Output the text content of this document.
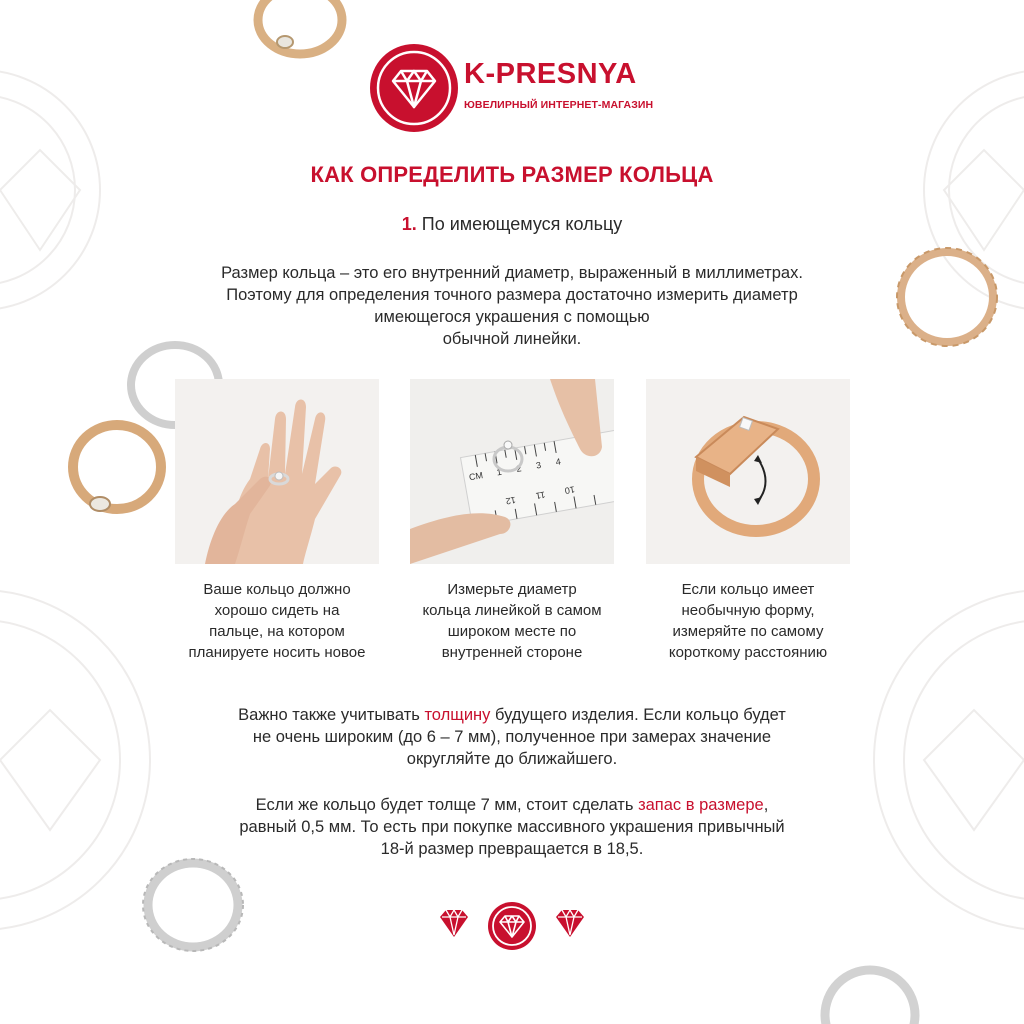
K-PRESNYA
ЮВЕЛИРНЫЙ ИНТЕРНЕТ-МАГАЗИН
КАК ОПРЕДЕЛИТЬ РАЗМЕР КОЛЬЦА
1. По имеющемуся кольцу
Размер кольца – это его внутренний диаметр, выраженный в миллиметрах.
Поэтому для определения точного размера достаточно измерить диаметр
имеющегося украшения с помощью
обычной линейки.
Ваше кольцо должно
хорошо сидеть на
пальце, на котором
планируете носить новое
CM 1 2 3 4
10
11
12
Измерьте диаметр
кольца линейкой в самом
широком месте по
внутренней стороне
Если кольцо имеет
необычную форму,
измеряйте по самому
короткому расстоянию
Важно также учитывать толщину будущего изделия. Если кольцо будет
не очень широким (до 6 – 7 мм), полученное при замерах значение
округляйте до ближайшего.
Если же кольцо будет толще 7 мм, стоит сделать запас в размере,
равный 0,5 мм. То есть при покупке массивного украшения привычный
18-й размер превращается в 18,5.
